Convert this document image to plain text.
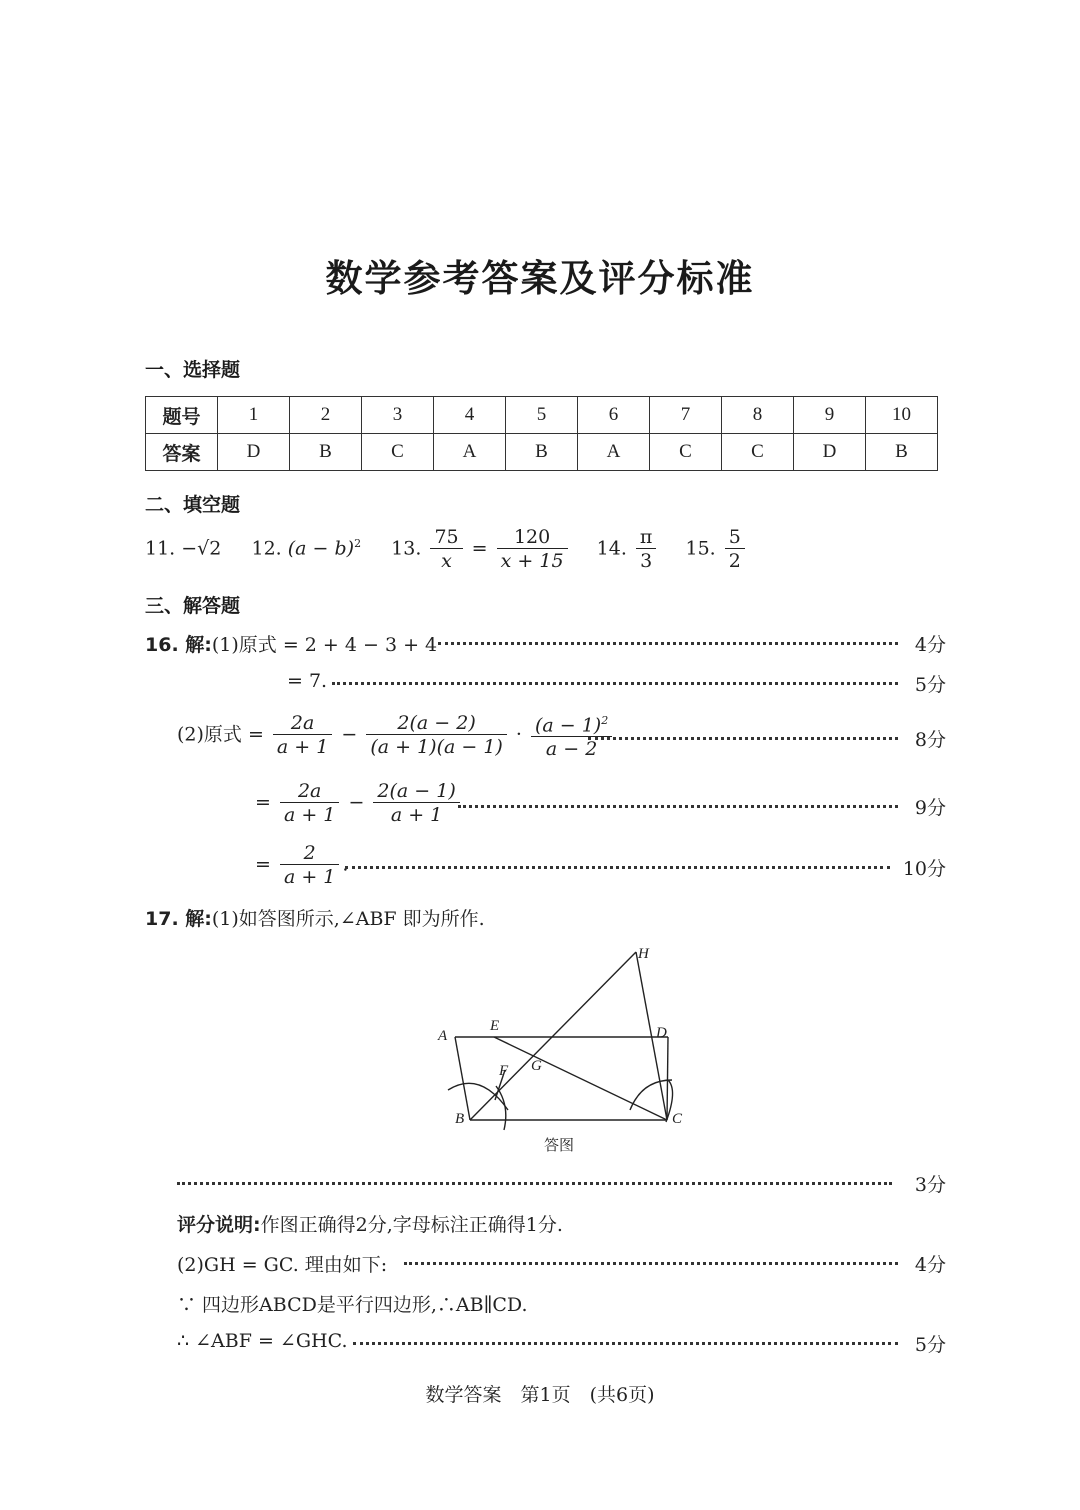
数学参考答案及评分标准
一、选择题
题号	1	2	3	4	5	6	7	8	9	10
答案	D	B	C	A	B	A	C	C	D	B
二、填空题
11. −√2 12. $(a - b)^2$ 13. $\frac{75}{x} = \frac{120}{x + 15} 14$. $\frac{\pi}{3} 15$. $\frac{5}{2}$
三、解答题
16. 解:(1)原式 = 2 + 4 − 3 + 4	4分
= 7.	5分
(2)原式 = $\frac{2a}{a + 1} - \frac{2(a - 2)}{(a + 1)(a - 1)} \cdot \frac{(a - 1)^2}{a - 2}$	8分
= $\frac{2a}{a + 1} - \frac{2(a - 1)}{a + 1}$	9分
= $\frac{2}{a + 1}$ .	10分
17. 解:(1)如答图所示,∠ABF 即为所作.
A
B	C
D
E
F G
H
答图
3分
评分说明:作图正确得2分,字母标注正确得1分.
(2)GH = GC. 理由如下:	4分
∵ 四边形ABCD是平行四边形,∴AB∥CD.
∴ ∠ABF = ∠GHC.	5分
数学答案　第1页　(共6页)
